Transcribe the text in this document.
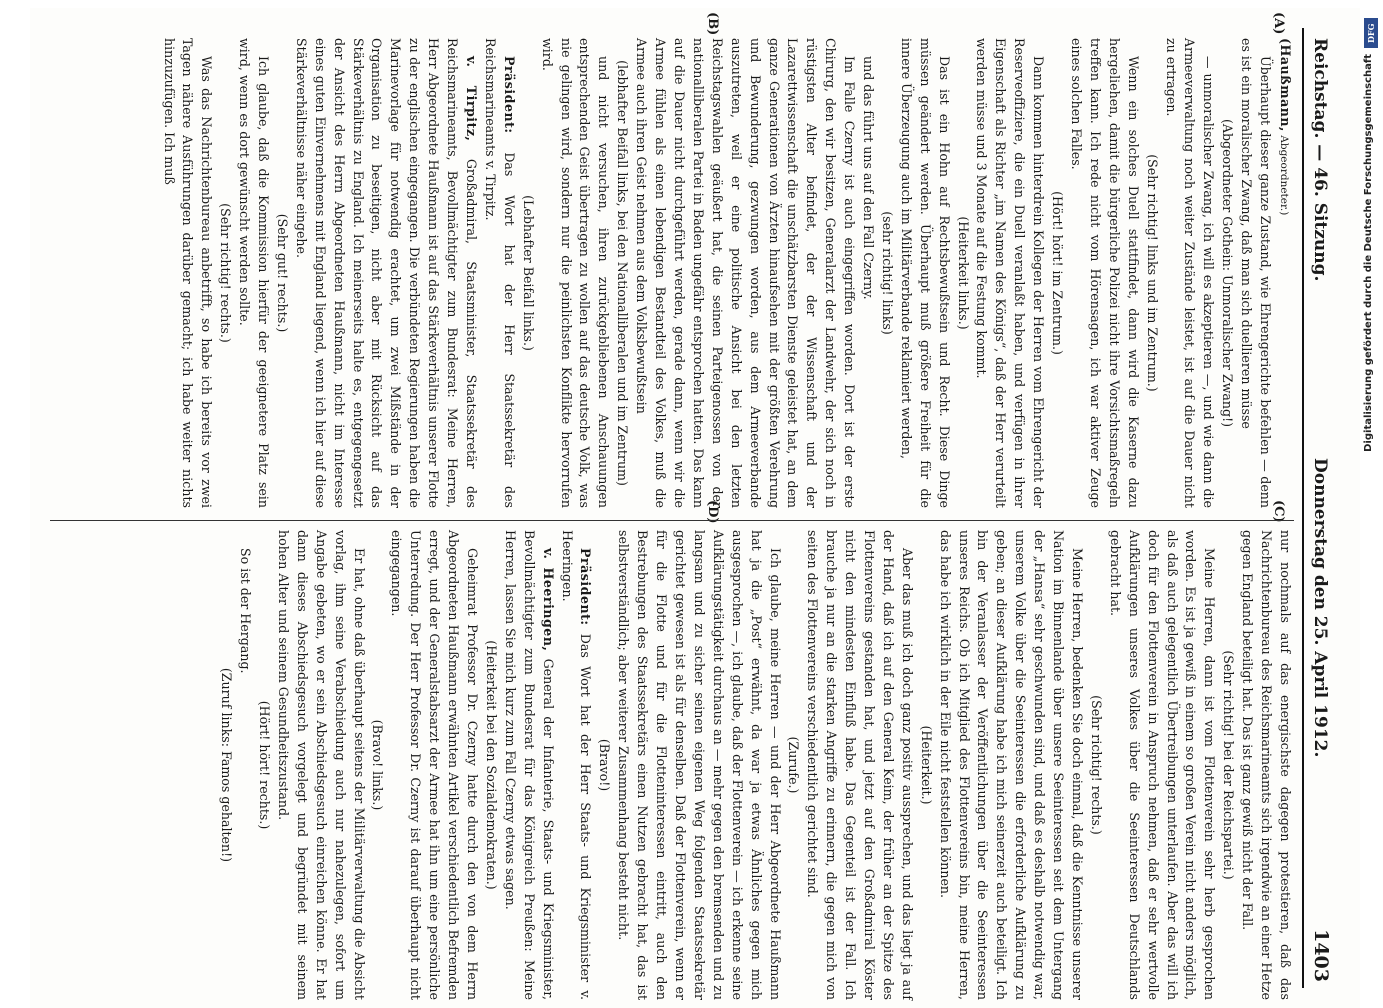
Reichstag. — 46. Sitzung.
Donnerstag den 25. April 1912.
1403
(A)
(B)
(C)
(D)

(Haußmann, Abgeordneter.)

Überhaupt dieser ganze Zustand, wie Ehrengerichte befehlen — denn es ist ein moralischer Zwang, daß man sich duellieren müsse

(Abgeordneter Gothein: Unmoralischer Zwang!)

— unmoralischer Zwang, ich will es akzeptieren —, und wie dann die Armeeverwaltung noch weiter Zustände leistet, ist auf die Dauer nicht zu ertragen.

(Sehr richtig! links und im Zentrum.)

Wenn ein solches Duell stattfindet, dann wird die Kaserne dazu hergeliehen, damit die bürgerliche Polizei nicht ihre Vorsichtsmaßregeln treffen kann. Ich rede nicht vom Hörensagen, ich war aktiver Zeuge eines solchen Falles.

(Hört! hört! im Zentrum.)

Dann kommen hinterdrein Kollegen der Herren vom Ehrengericht der Reserveoffiziere, die ein Duell veranlaßt haben, und verfügen in ihrer Eigenschaft als Richter „im Namen des Königs“, daß der Herr verurteilt werden müsse und 3 Monate auf die Festung kommt.

(Heiterkeit links.)

Das ist ein Hohn auf Rechtsbewußtsein und Recht. Diese Dinge müssen geändert werden. Überhaupt muß größere Freiheit für die innere Überzeugung auch im Militärverbande reklamiert werden,

(sehr richtig! links)

und das führt uns auf den Fall Czerny.

Im Falle Czerny ist auch eingegriffen worden. Dort ist der erste Chirurg, den wir besitzen, Generalarzt der Landwehr, der sich noch in rüstigsten Alter befindet, der der Wissenschaft und der Lazarettwissenschaft die unschätzbarsten Dienste geleistet hat, an dem ganze Generationen von Ärzten hinaufsehen mit der größten Verehrung und Bewunderung, gezwungen worden, aus dem Armeeverbande auszutreten, weil er eine politische Ansicht bei den letzten Reichstagswahlen geäußert hat, die seinen Parteigenossen von der nationalliberalen Partei in Baden ungefähr entsprochen hatten. Das kann auf die Dauer nicht durchgeführt werden, gerade dann, wenn wir die Armee fühlen als einen lebendigen Bestandteil des Volkes, muß die Armee auch ihren Geist nehmen aus dem Volksbewußtsein

(lebhafter Beifall links, bei den Nationalliberalen und im Zentrum)

und nicht versuchen, ihren zurückgebliebenen Anschauungen entsprechenden Geist übertragen zu wollen auf das deutsche Volk, was nie gelingen wird, sondern nur die peinlichsten Konflikte hervorrufen wird.

(Lebhafter Beifall links.)

Präsident: Das Wort hat der Herr Staatssekretär des Reichsmarineamts v. Tirpitz.

v. Tirpitz, Großadmiral, Staatsminister, Staatssekretär des Reichsmarineamts, Bevollmächtigter zum Bundesrat: Meine Herren, Herr Abgeordnete Haußmann ist auf das Stärkeverhältnis unserer Flotte zu der englischen eingegangen. Die verbündeten Regierungen haben die Marinevorlage für notwendig erachtet, um zwei Mißstände in der Organisation zu beseitigen, nicht aber mit Rücksicht auf das Stärkeverhältnis zu England. Ich meinerseits halte es, entgegengesetzt der Ansicht des Herrn Abgeordneten Haußmann, nicht im Interesse eines guten Einvernehmens mit England liegend, wenn ich hier auf diese Stärkeverhältnisse näher eingehe.

(Sehr gut! rechts.)

Ich glaube, daß die Kommission hierfür der geeignetere Platz sein wird, wenn es dort gewünscht werden sollte.

(Sehr richtig! rechts.)

Was das Nachrichtenbureau anbetrifft, so habe ich bereits vor zwei Tagen nähere Ausführungen darüber gemacht; ich habe weiter nichts hinzuzufügen. Ich muß

nur nochmals auf das energischste dagegen protestieren, daß das Nachrichtenbureau des Reichsmarineamts sich irgendwie an einer Hetze gegen England beteiligt hat. Das ist ganz gewiß nicht der Fall.

(Sehr richtig! bei der Reichspartei.)

Meine Herren, dann ist vom Flottenverein sehr herb gesprochen worden. Es ist ja gewiß in einem so großen Verein nicht anders möglich, als daß auch gelegentlich Übertreibungen unterlaufen. Aber das will ich doch für den Flottenverein in Anspruch nehmen, daß er sehr wertvolle Aufklärungen unseres Volkes über die Seeinteressen Deutschlands gebracht hat.

(Sehr richtig! rechts.)

Meine Herren, bedenken Sie doch einmal, daß die Kenntnisse unserer Nation im Binnenlande über unsere Seeinteressen seit dem Untergang der „Hansa“ sehr geschwunden sind, und daß es deshalb notwendig war, unserem Volke über die Seeinteressen die erforderliche Aufklärung zu geben; an dieser Aufklärung habe ich mich seinerzeit auch beteiligt. Ich bin der Veranlasser der Veröffentlichungen über die Seeinteressen unseres Reichs. Ob ich Mitglied des Flottenvereins bin, meine Herren, das habe ich wirklich in der Eile nicht feststellen können.

(Heiterkeit.)

Aber das muß ich doch ganz positiv aussprechen, und das liegt ja auf der Hand, daß ich auf den General Keim, der früher an der Spitze des Flottenvereins gestanden hat, und jetzt auf den Großadmiral Köster nicht den mindesten Einfluß habe. Das Gegenteil ist der Fall. Ich brauche ja nur an die starken Angriffe zu erinnern, die gegen mich von seiten des Flottenvereins verschiedentlich gerichtet sind.

(Zurufe.)

Ich glaube, meine Herren — und der Herr Abgeordnete Haußmann hat ja die „Post“ erwähnt, da war ja etwas Ähnliches gegen mich ausgesprochen —, ich glaube, daß der Flottenverein — ich erkenne seine Aufklärungstätigkeit durchaus an — mehr gegen den bremsenden und zu langsam und zu sicher seinen eigenen Weg folgenden Staatssekretär gerichtet gewesen ist als für denselben. Daß der Flottenverein, wenn er für die Flotte und für die Flotteninteressen eintritt, auch den Bestrebungen des Staatssekretärs einen Nutzen gebracht hat, das ist selbstverständlich; aber weiterer Zusammenhang besteht nicht.

(Bravo!)

Präsident: Das Wort hat der Herr Staats- und Kriegsminister v. Heeringen.

v. Heeringen, General der Infanterie, Staats- und Kriegsminister, Bevollmächtigter zum Bundesrat für das Königreich Preußen: Meine Herren, lassen Sie mich kurz zum Fall Czerny etwas sagen.

(Heiterkeit bei den Sozialdemokraten.)

Geheimrat Professor Dr. Czerny hatte durch den von dem Herrn Abgeordneten Haußmann erwähnten Artikel verschiedentlich Befremden erregt, und der Generalstabsarzt der Armee hat ihn um eine persönliche Unterredung. Der Herr Professor Dr. Czerny ist darauf überhaupt nicht eingegangen.

(Bravo! links.)

Er hat, ohne daß überhaupt seitens der Militärverwaltung die Absicht vorlag, ihm seine Verabschiedung auch nur nahezulegen, sofort um Angabe gebeten, wo er sein Abschiedsgesuch einreichen könne. Er hat dann dieses Abschiedsgesuch vorgelegt und begründet mit seinem hohen Alter und seinem Gesundheitszustand.

(Hört! hört! rechts.)

So ist der Hergang.

(Zuruf links: Famos gehalten!)

DFG
Digitalisierung gefördert durch die Deutsche Forschungsgemeinschaft
